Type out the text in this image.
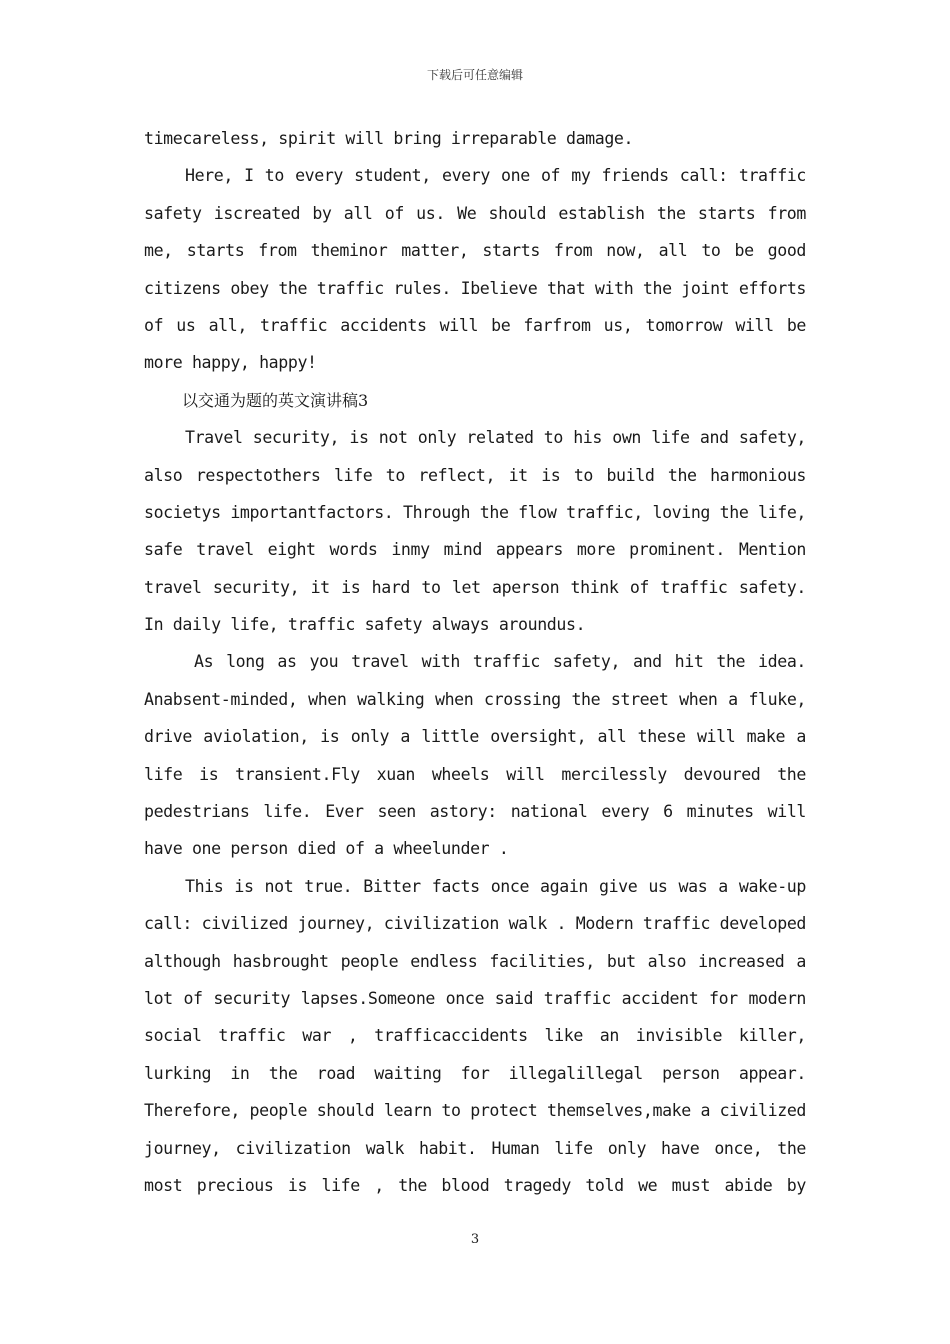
下载后可任意编辑
timecareless, spirit will bring irreparable damage.
Here, I to every student, every one of my friends call: traffic
safety iscreated by all of us. We should establish the starts from
me, starts from theminor matter, starts from now, all to be good
citizens obey the traffic rules. Ibelieve that with the joint efforts
of us all, traffic accidents will be farfrom us, tomorrow will be
more happy, happy!
以交通为题的英文演讲稿3
Travel security, is not only related to his own life and safety,
also respectothers life to reflect, it is to build the harmonious
societys importantfactors. Through the flow traffic, loving the life,
safe travel eight words inmy mind appears more prominent. Mention
travel security, it is hard to let aperson think of traffic safety.
In daily life, traffic safety always aroundus.
As long as you travel with traffic safety, and hit the idea.
Anabsent-minded, when walking when crossing the street when a fluke,
drive aviolation, is only a little oversight, all these will make a
life is transient.Fly xuan wheels will mercilessly devoured the
pedestrians life. Ever seen astory: national every 6 minutes will
have one person died of a wheelunder .
This is not true. Bitter facts once again give us was a wake-up
call: civilized journey, civilization walk . Modern traffic developed
although hasbrought people endless facilities, but also increased a
lot of security lapses.Someone once said traffic accident for modern
social traffic war , trafficaccidents like an invisible killer,
lurking in the road waiting for illegalillegal person appear.
Therefore, people should learn to protect themselves,make a civilized
journey, civilization walk habit. Human life only have once, the
most precious is life , the blood tragedy told we must abide by
3
